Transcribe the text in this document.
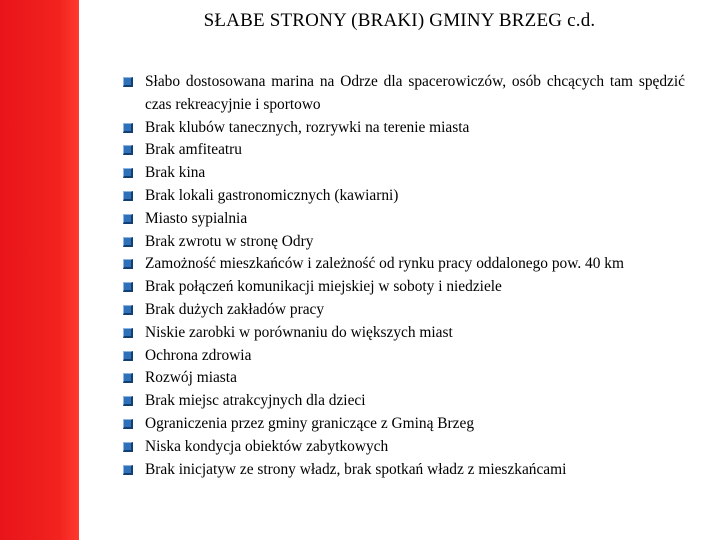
SŁABE STRONY (BRAKI) GMINY BRZEG c.d.
Słabo dostosowana marina na Odrze dla spacerowiczów, osób chcących tam spędzić czas rekreacyjnie i sportowo
Brak klubów tanecznych, rozrywki na terenie miasta
Brak amfiteatru
Brak kina
Brak lokali gastronomicznych (kawiarni)
Miasto sypialnia
Brak zwrotu w stronę Odry
Zamożność mieszkańców i zależność od rynku pracy oddalonego pow. 40 km
Brak połączeń komunikacji miejskiej w soboty i niedziele
Brak dużych zakładów pracy
Niskie zarobki w porównaniu do większych miast
Ochrona zdrowia
Rozwój miasta
Brak miejsc atrakcyjnych dla dzieci
Ograniczenia przez gminy graniczące z Gminą Brzeg
Niska kondycja obiektów zabytkowych
Brak inicjatyw ze strony władz, brak spotkań władz z mieszkańcami
